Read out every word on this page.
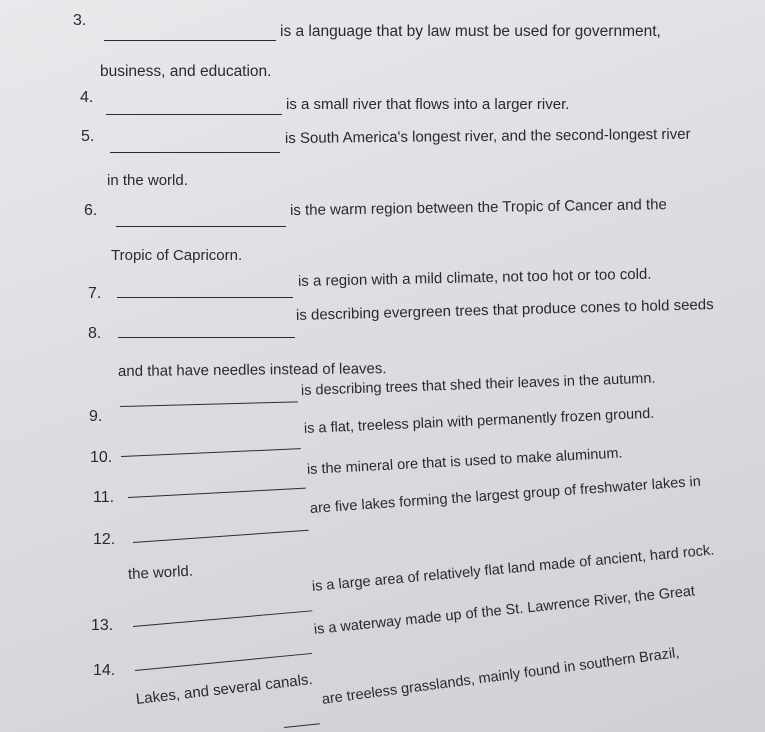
3.
is a language that by law must be used for government,
business, and education.
4.	is a small river that flows into a larger river.
5.	is South America's longest river, and the second-longest river
in the world.
6.	is the warm region between the Tropic of Cancer and the
Tropic of Capricorn.
7.
is a region with a mild climate, not too hot or too cold.
8.
is describing evergreen trees that produce cones to hold seeds
and that have needles instead of leaves.
9.
is describing trees that shed their leaves in the autumn.
10.
is a flat, treeless plain with permanently frozen ground.
11.
is the mineral ore that is used to make aluminum.
12.
are five lakes forming the largest group of freshwater lakes in
the world.
13.
is a large area of relatively flat land made of ancient, hard rock.
14.
is a waterway made up of the St. Lawrence River, the Great
Lakes, and several canals. are treeless grasslands, mainly found in southern Brazil,
